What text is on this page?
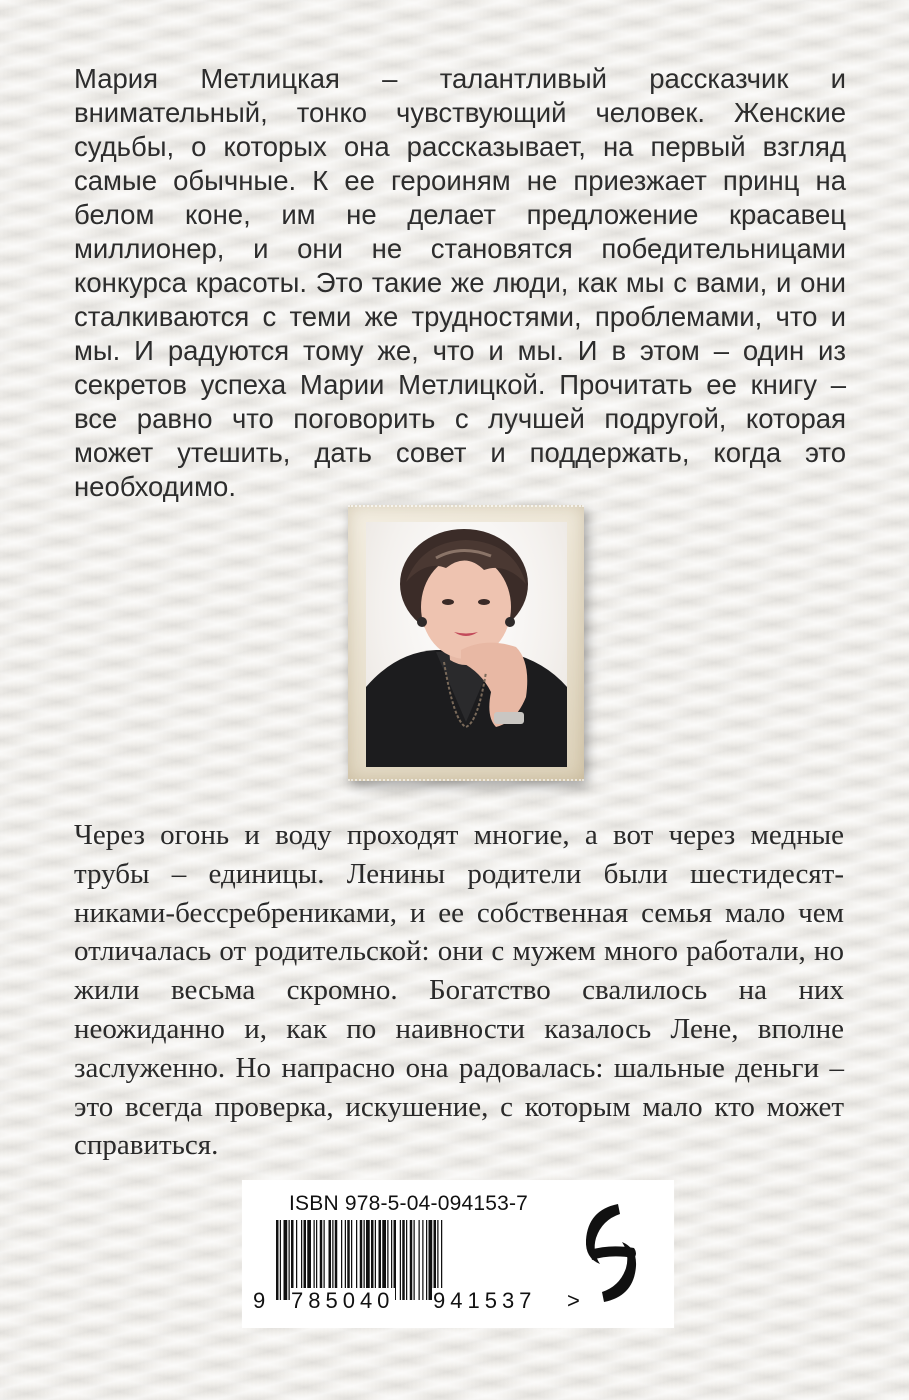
Мария Метлицкая – талантливый рассказчик и внимательный, тонко чувствующий человек. Женские судьбы, о которых она рассказывает, на первый взгляд самые обычные. К ее героиням не приезжает принц на белом коне, им не делает предложение красавец миллионер, и они не становятся победительницами конкурса красоты. Это такие же люди, как мы с вами, и они сталкиваются с теми же трудностями, проблемами, что и мы. И радуются тому же, что и мы. И в этом – один из секретов успеха Марии Метлицкой. Прочитать ее книгу – все равно что поговорить с лучшей подругой, которая может утешить, дать совет и поддержать, когда это необходимо.

Через огонь и воду проходят многие, а вот через медные трубы – единицы. Ленины родители были шестидесятниками-бессребрениками, и ее собственная семья мало чем отличалась от родительской: они с мужем много работали, но жили весьма скромно. Богатство свалилось на них неожиданно и, как по наивности казалось Лене, вполне заслуженно. Но напрасно она радовалась: шальные деньги – это всегда проверка, искушение, с которым мало кто может справиться.

ISBN 978-5-04-094153-7
9 785040 941537 >
